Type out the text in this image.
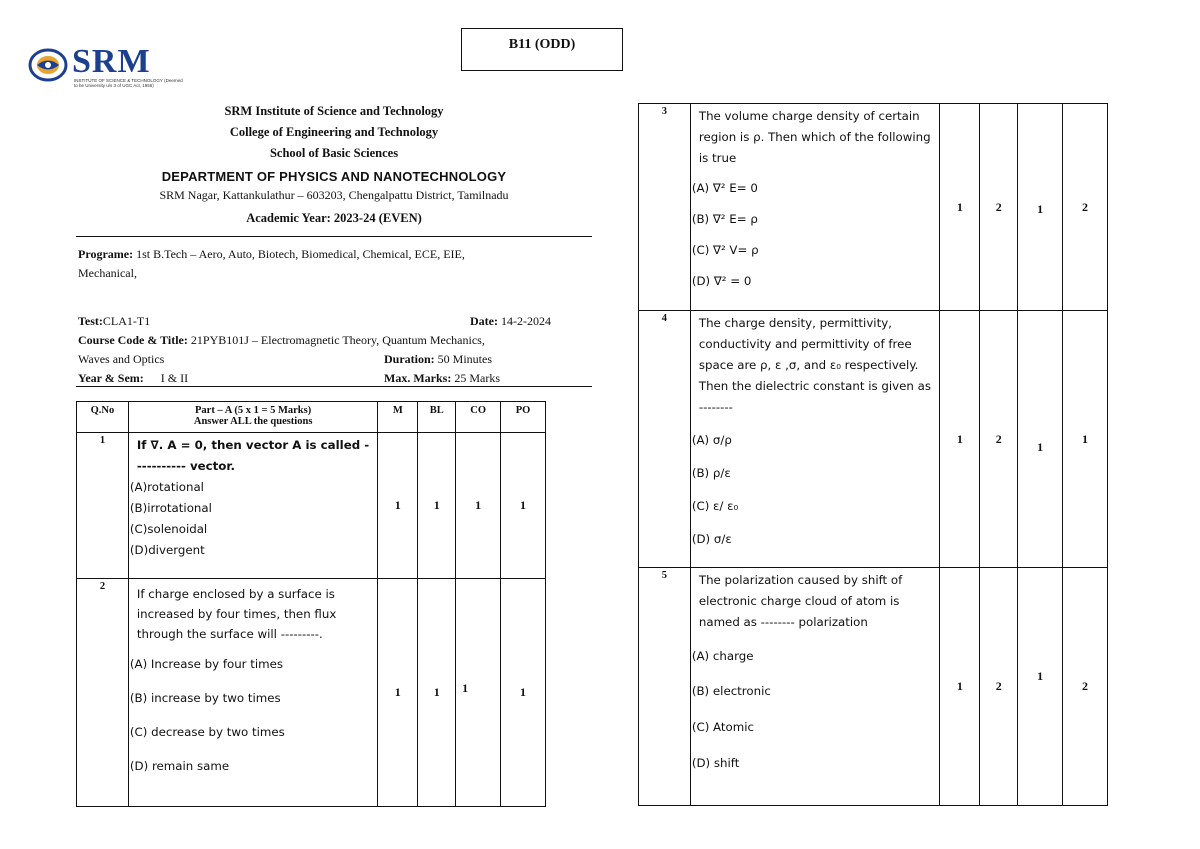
SRM
INSTITUTE OF SCIENCE & TECHNOLOGY (Deemed to be University u/s 3 of UGC Act, 1956)
B11 (ODD)
SRM Institute of Science and Technology
College of Engineering and Technology
School of Basic Sciences
DEPARTMENT OF PHYSICS AND NANOTECHNOLOGY
SRM Nagar, Kattankulathur – 603203, Chengalpattu District, Tamilnadu
Academic Year: 2023-24 (EVEN)
Programe: 1st B.Tech – Aero, Auto, Biotech, Biomedical, Chemical, ECE, EIE,
Mechanical,
Test:CLA1-T1	Date: 14-2-2024
Course Code & Title: 21PYB101J – Electromagnetic Theory, Quantum Mechanics,
Waves and Optics	Duration: 50 Minutes
Year & Sem: I & II	Max. Marks: 25 Marks
Q.No	Part – A (5 x 1 = 5 Marks)
Answer ALL the questions	M	BL	CO	PO
1	If ∇. A = 0, then vector A is called ----------- vector.
(A)rotational
(B)irrotational
(C)solenoidal
(D)divergent	1	1	1	1
2	If charge enclosed by a surface is increased by four times, then flux through the surface will ---------.
(A) Increase by four times
(B) increase by two times
(C) decrease by two times
(D) remain same	1	1	1	1
3	The volume charge density of certain region is ρ. Then which of the following is true
(A) ∇² E= 0
(B) ∇² E= ρ
(C) ∇² V= ρ
(D) ∇² = 0	1	2	1	2
4	The charge density, permittivity, conductivity and permittivity of free space are ρ, ε ,σ, and ε₀ respectively. Then the dielectric constant is given as --------
(A) σ/ρ
(B) ρ/ε
(C) ε/ ε₀
(D) σ/ε	1	2	1	1
5	The polarization caused by shift of electronic charge cloud of atom is named as -------- polarization
(A) charge
(B) electronic
(C) Atomic
(D) shift	1	2	1	2
